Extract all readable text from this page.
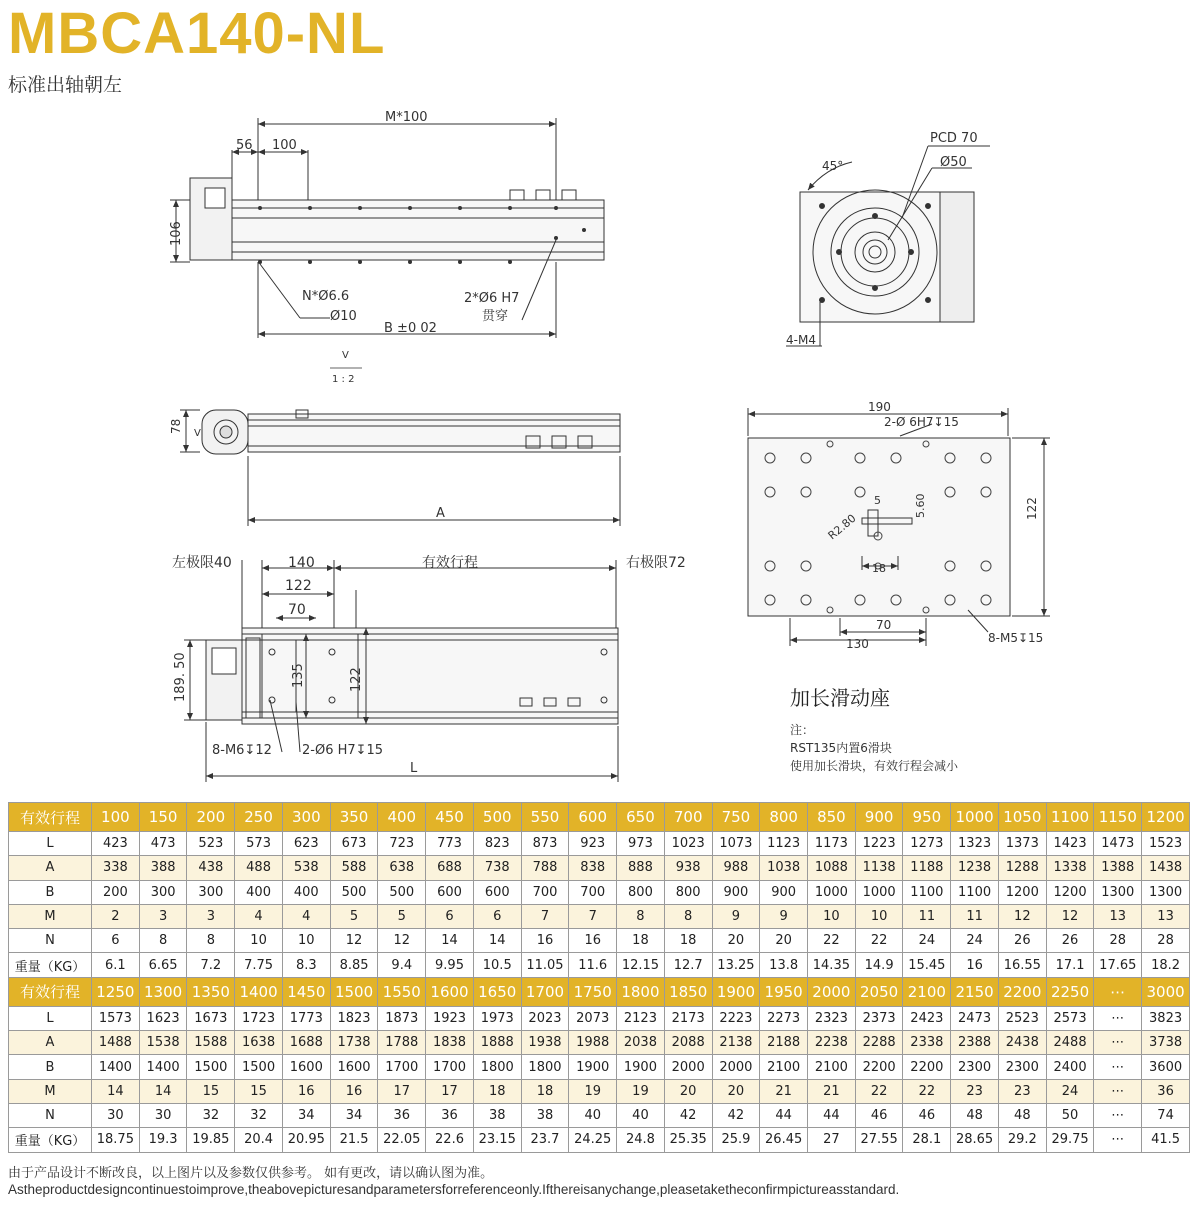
MBCA140-NL
标准出轴朝左
M*100
56 100
106
N*Ø6.6
Ø10
2*Ø6 H7
贯穿
B ±0 02
V
1 : 2
PCD 70
Ø50
45°
4-M4
78 V
A
190
2-Ø 6H7↧15
5	5.60
R2.80
18
122
70
130	8-M5↧15
左极限40	140	有效行程	右极限72
122
70
189. 50	135	122
8-M6↧12 2-Ø6 H7↧15
L
加长滑动座
注：
RST135内置6滑块
使用加长滑块，有效行程会减小
有效行程	100	150	200	250	300	350	400	450	500	550	600	650	700	750	800	850	900	950	1000	1050	1100	1150	1200
L	423	473	523	573	623	673	723	773	823	873	923	973	1023	1073	1123	1173	1223	1273	1323	1373	1423	1473	1523
A	338	388	438	488	538	588	638	688	738	788	838	888	938	988	1038	1088	1138	1188	1238	1288	1338	1388	1438
B	200	300	300	400	400	500	500	600	600	700	700	800	800	900	900	1000	1000	1100	1100	1200	1200	1300	1300
M	2	3	3	4	4	5	5	6	6	7	7	8	8	9	9	10	10	11	11	12	12	13	13
N	6	8	8	10	10	12	12	14	14	16	16	18	18	20	20	22	22	24	24	26	26	28	28
重量（KG）	6.1	6.65	7.2	7.75	8.3	8.85	9.4	9.95	10.5	11.05	11.6	12.15	12.7	13.25	13.8	14.35	14.9	15.45	16	16.55	17.1	17.65	18.2
有效行程	1250	1300	1350	1400	1450	1500	1550	1600	1650	1700	1750	1800	1850	1900	1950	2000	2050	2100	2150	2200	2250	⋯	3000
L	1573	1623	1673	1723	1773	1823	1873	1923	1973	2023	2073	2123	2173	2223	2273	2323	2373	2423	2473	2523	2573	⋯	3823
A	1488	1538	1588	1638	1688	1738	1788	1838	1888	1938	1988	2038	2088	2138	2188	2238	2288	2338	2388	2438	2488	⋯	3738
B	1400	1400	1500	1500	1600	1600	1700	1700	1800	1800	1900	1900	2000	2000	2100	2100	2200	2200	2300	2300	2400	⋯	3600
M	14	14	15	15	16	16	17	17	18	18	19	19	20	20	21	21	22	22	23	23	24	⋯	36
N	30	30	32	32	34	34	36	36	38	38	40	40	42	42	44	44	46	46	48	48	50	⋯	74
重量（KG）	18.75	19.3	19.85	20.4	20.95	21.5	22.05	22.6	23.15	23.7	24.25	24.8	25.35	25.9	26.45	27	27.55	28.1	28.65	29.2	29.75	⋯	41.5
由于产品设计不断改良，以上图片以及参数仅供参考。 如有更改，请以确认图为准。
Astheproductdesigncontinuestoimprove,theabovepicturesandparametersforreferenceonly.Ifthereisanychange,pleasetaketheconfirmpictureasstandard.
